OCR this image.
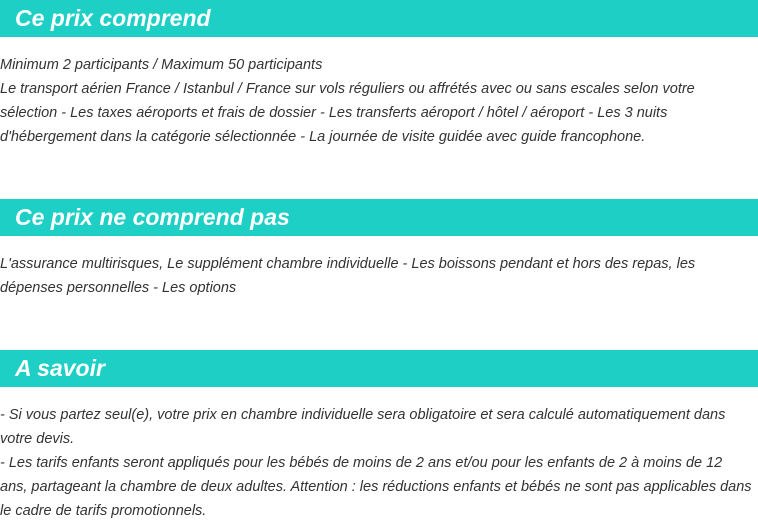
Ce prix comprend

Minimum 2 participants / Maximum 50 participants

Le transport aérien France / Istanbul / France sur vols réguliers ou affrétés avec ou sans escales selon votre sélection - Les taxes aéroports et frais de dossier - Les transferts aéroport / hôtel / aéroport - Les 3 nuits d'hébergement dans la catégorie sélectionnée - La journée de visite guidée avec guide francophone.

Ce prix ne comprend pas

L'assurance multirisques, Le supplément chambre individuelle - Les boissons pendant et hors des repas, les dépenses personnelles - Les options

A savoir

- Si vous partez seul(e), votre prix en chambre individuelle sera obligatoire et sera calculé automatiquement dans votre devis.

- Les tarifs enfants seront appliqués pour les bébés de moins de 2 ans et/ou pour les enfants de 2 à moins de 12 ans, partageant la chambre de deux adultes. Attention : les réductions enfants et bébés ne sont pas applicables dans le cadre de tarifs promotionnels.
